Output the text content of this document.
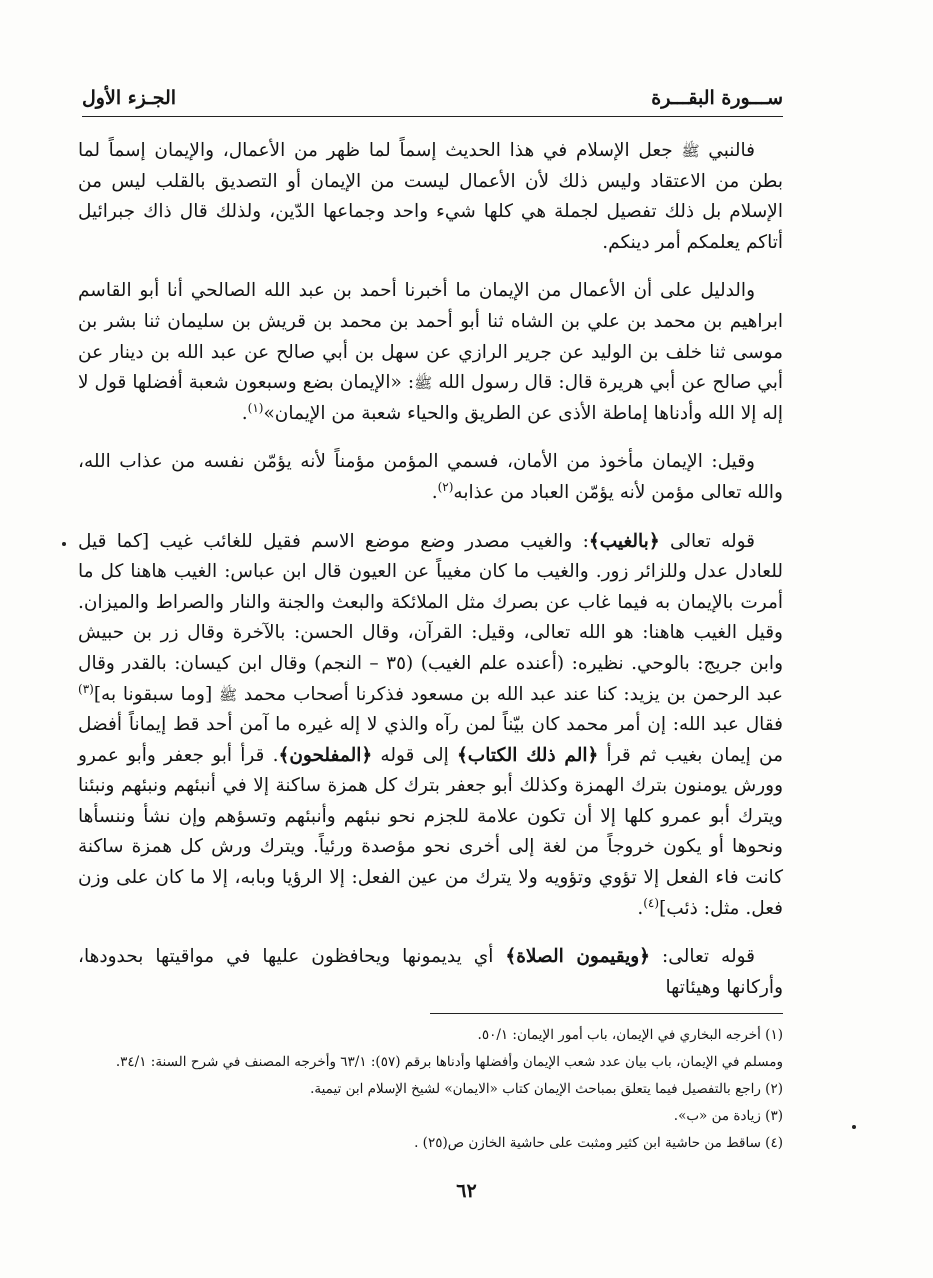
ســـورة البقـــرة
الجـزء الأول

فالنبي ﷺ جعل الإسلام في هذا الحديث إسماً لما ظهر من الأعمال، والإيمان إسماً لما بطن من الاعتقاد وليس ذلك لأن الأعمال ليست من الإيمان أو التصديق بالقلب ليس من الإسلام بل ذلك تفصيل لجملة هي كلها شيء واحد وجماعها الدّين، ولذلك قال ذاك جبرائيل أتاكم يعلمكم أمر دينكم.

والدليل على أن الأعمال من الإيمان ما أخبرنا أحمد بن عبد الله الصالحي أنا أبو القاسم ابراهيم بن محمد بن علي بن الشاه ثنا أبو أحمد بن محمد بن قريش بن سليمان ثنا بشر بن موسى ثنا خلف بن الوليد عن جرير الرازي عن سهل بن أبي صالح عن عبد الله بن دينار عن أبي صالح عن أبي هريرة قال: قال رسول الله ﷺ: «الإيمان بضع وسبعون شعبة أفضلها قول لا إله إلا الله وأدناها إماطة الأذى عن الطريق والحياء شعبة من الإيمان»$^{(١)}$.

وقيل: الإيمان مأخوذ من الأمان، فسمي المؤمن مؤمناً لأنه يؤمّن نفسه من عذاب الله، والله تعالى مؤمن لأنه يؤمّن العباد من عذابه$^{(٢)}$.

قوله تعالى ﴿بالغيب﴾: والغيب مصدر وضع موضع الاسم فقيل للغائب غيب [كما قيل للعادل عدل وللزائر زور. والغيب ما كان مغيباً عن العيون قال ابن عباس: الغيب هاهنا كل ما أمرت بالإيمان به فيما غاب عن بصرك مثل الملائكة والبعث والجنة والنار والصراط والميزان. وقيل الغيب هاهنا: هو الله تعالى، وقيل: القرآن، وقال الحسن: بالآخرة وقال زر بن حبيش وابن جريج: بالوحي. نظيره: (أعنده علم الغيب) (٣٥ – النجم) وقال ابن كيسان: بالقدر وقال عبد الرحمن بن يزيد: كنا عند عبد الله بن مسعود فذكرنا أصحاب محمد ﷺ [وما سبقونا به]$^{(٣)}$ فقال عبد الله: إن أمر محمد كان بيّناً لمن رآه والذي لا إله غيره ما آمن أحد قط إيماناً أفضل من إيمان بغيب ثم قرأ ﴿الم ذلك الكتاب﴾ إلى قوله ﴿المفلحون﴾. قرأ أبو جعفر وأبو عمرو وورش يومنون بترك الهمزة وكذلك أبو جعفر بترك كل همزة ساكنة إلا في أنبئهم ونبئهم ونبئنا ويترك أبو عمرو كلها إلا أن تكون علامة للجزم نحو نبئهم وأنبئهم وتسؤهم وإن نشأ وننسأها ونحوها أو يكون خروجاً من لغة إلى أخرى نحو مؤصدة ورئياً. ويترك ورش كل همزة ساكنة كانت فاء الفعل إلا تؤوي وتؤويه ولا يترك من عين الفعل: إلا الرؤيا وبابه، إلا ما كان على وزن فعل. مثل: ذئب]$^{(٤)}$.

قوله تعالى: ﴿ويقيمون الصلاة﴾ أي يديمونها ويحافظون عليها في مواقيتها بحدودها، وأركانها وهيئاتها

(١) أخرجه البخاري في الإيمان، باب أمور الإيمان: ٥٠/١.
ومسلم في الإيمان، باب بيان عدد شعب الإيمان وأفضلها وأدناها برقم (٥٧): ٦٣/١ وأخرجه المصنف في شرح السنة: ٣٤/١.
(٢) راجع بالتفصيل فيما يتعلق بمباحث الإيمان كتاب «الايمان» لشيخ الإسلام ابن تيمية.
(٣) زيادة من «ب».
(٤) ساقط من حاشية ابن كثير ومثبت على حاشية الخازن ص(٢٥) .
٦٢
